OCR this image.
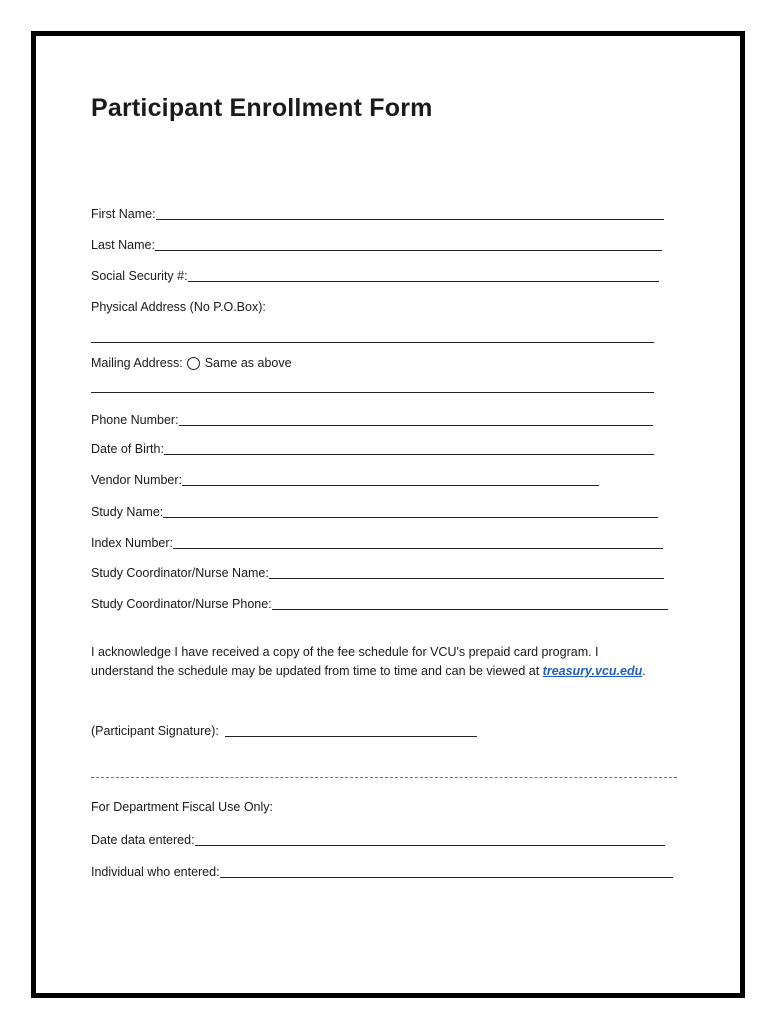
Participant Enrollment Form
First Name:
Last Name:
Social Security #:
Physical Address (No P.O.Box):
Mailing Address: Same as above
Phone Number:
Date of Birth:
Vendor Number:
Study Name:
Index Number:
Study Coordinator/Nurse Name:
Study Coordinator/Nurse Phone:

I acknowledge I have received a copy of the fee schedule for VCU's prepaid card program. I understand the schedule may be updated from time to time and can be viewed at treasury.vcu.edu.

(Participant Signature):
For Department Fiscal Use Only:
Date data entered:
Individual who entered:
